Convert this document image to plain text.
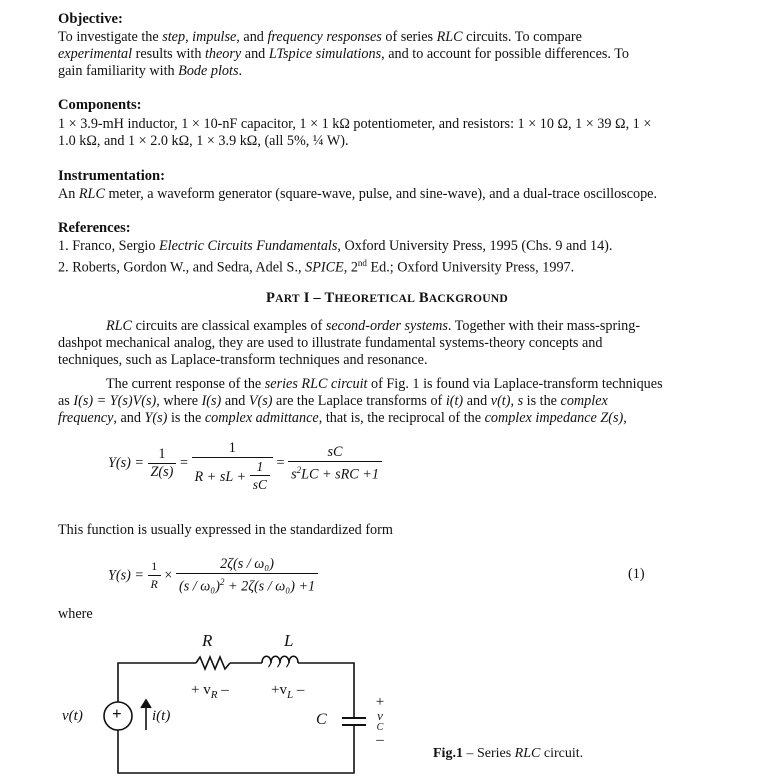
Objective:
To investigate the step, impulse, and frequency responses of series RLC circuits. To compare
experimental results with theory and LTspice simulations, and to account for possible differences. To
gain familiarity with Bode plots.
Components:
1 × 3.9-mH inductor, 1 × 10-nF capacitor, 1 × 1 kΩ potentiometer, and resistors: 1 × 10 Ω, 1 × 39 Ω, 1 ×
1.0 kΩ, and 1 × 2.0 kΩ, 1 × 3.9 kΩ, (all 5%, ¼ W).
Instrumentation:
An RLC meter, a waveform generator (square-wave, pulse, and sine-wave), and a dual-trace oscilloscope.
References:
1. Franco, Sergio Electric Circuits Fundamentals, Oxford University Press, 1995 (Chs. 9 and 14).
2. Roberts, Gordon W., and Sedra, Adel S., SPICE, 2nd Ed.; Oxford University Press, 1997.
PART I – THEORETICAL BACKGROUND
RLC circuits are classical examples of second-order systems. Together with their mass-spring-
dashpot mechanical analog, they are used to illustrate fundamental systems-theory concepts and
techniques, such as Laplace-transform techniques and resonance.
The current response of the series RLC circuit of Fig. 1 is found via Laplace-transform techniques
as I(s) = Y(s)V(s), where I(s) and V(s) are the Laplace transforms of i(t) and v(t), s is the complex
frequency, and Y(s) is the complex admittance, that is, the reciprocal of the complex impedance Z(s),
$Y(s) = \frac{1}{Z(s)} = \frac{1}{R + sL + \frac{1}{sC}} = \frac{sC}{s^2LC + sRC +1}$
This function is usually expressed in the standardized form
$Y(s) = \frac{1}{R} \times \frac{\text{2ζ(s / ω₀)}}{(s / \omega_0)^2 + 2\zeta(s / \omega_0) +1}$	(1)
where
R	L
+ $v_R$ –	$+v_L$ –
C
+
v
C
–
v(t) + i(t)
Fig.1 – Series RLC circuit.
